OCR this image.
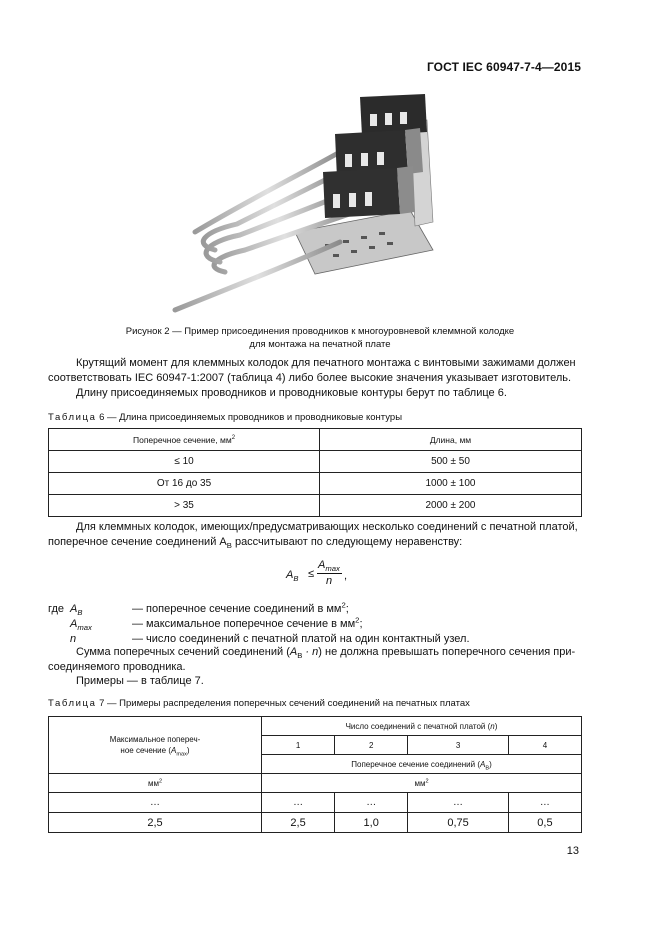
ГОСТ IEC 60947-7-4—2015
Рисунок 2 — Пример присоединения проводников к многоуровневой клеммной колодке
для монтажа на печатной плате
Крутящий момент для клеммных колодок для печатного монтажа с винтовыми зажимами должен
соответствовать IEC 60947-1:2007 (таблица 4) либо более высокие значения указывает изготовитель.
Длину присоединяемых проводников и проводниковые контуры берут по таблице 6.
Таблица 6 — Длина присоединяемых проводников и проводниковые контуры
Поперечное сечение, $мм^2$	Длина, мм
≤ 10	500 ± 50
От 16 до 35	1000 ± 100
> 35	2000 ± 200
Для клеммных колодок, имеющих/предусматривающих несколько соединений с печатной платой,
поперечное сечение соединений $A_B$ рассчитывают по следующему неравенству:
$A_B$ ≤
$A_{max}$
n ,
где $A_B$	— поперечное сечение соединений в $мм^2$;
$A_{max}$	— максимальное поперечное сечение в $мм^2$;
n	— число соединений с печатной платой на один контактный узел.
Сумма поперечных сечений соединений $(A_B \cdot n)$ не должна превышать поперечного сечения при-
соединяемого проводника.
Примеры — в таблице 7.
Таблица 7 — Примеры распределения поперечных сечений соединений на печатных платах
Максимальное попереч-
ное сечение $(A_{max})$	Число соединений с печатной платой (n)			
	1	2	3	4
	Поперечное сечение соединений $(A_B)$			
$мм^2$	$мм^2$
…	…	…	…	…
2,5	2,5	1,0	0,75	0,5
13
